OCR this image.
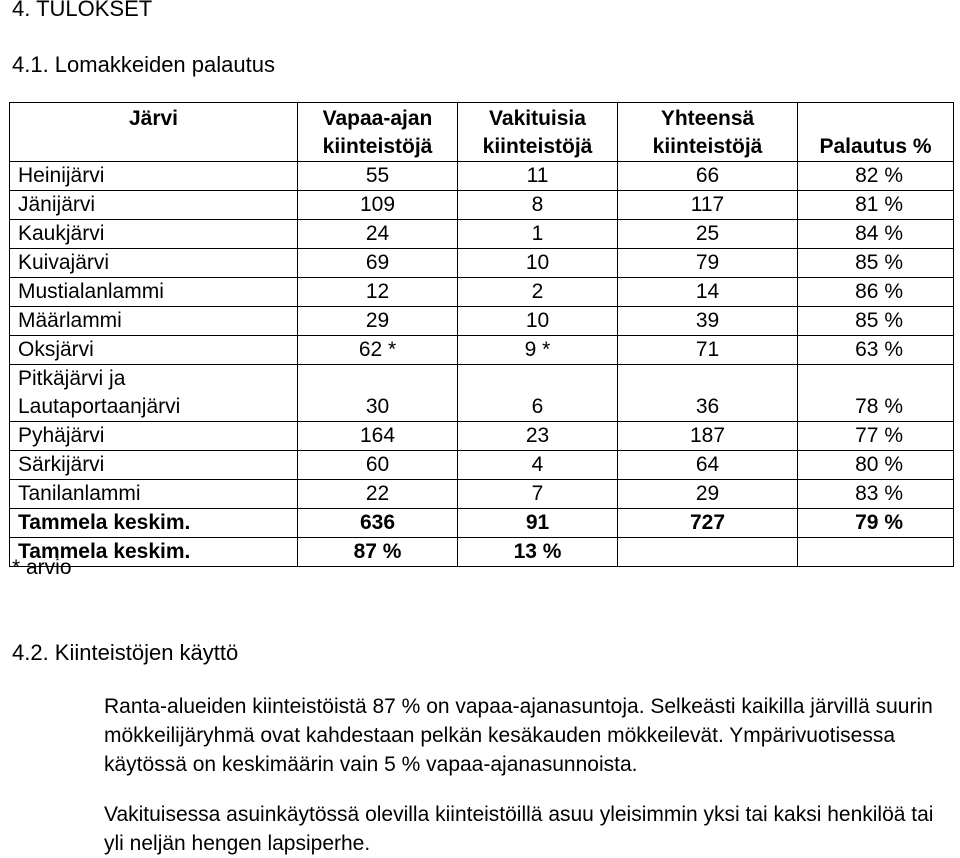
4. TULOKSET
4.1. Lomakkeiden palautus
Järvi	Vapaa-ajan kiinteistöjä	Vakituisia kiinteistöjä	Yhteensä kiinteistöjä	Palautus %
Heinijärvi	55	11	66	82 %
Jänijärvi	109	8	117	81 %
Kaukjärvi	24	1	25	84 %
Kuivajärvi	69	10	79	85 %
Mustialanlammi	12	2	14	86 %
Määrlammi	29	10	39	85 %
Oksjärvi	62 *	9 *	71	63 %
Pitkäjärvi ja Lautaportaanjärvi	30	6	36	78 %
Pyhäjärvi	164	23	187	77 %
Särkijärvi	60	4	64	80 %
Tanilanlammi	22	7	29	83 %
Tammela keskim.	636	91	727	79 %
Tammela keskim.	87 %	13 %		
* arvio
4.2. Kiinteistöjen käyttö
Ranta-alueiden kiinteistöistä 87 % on vapaa-ajanasuntoja. Selkeästi kaikilla järvillä suurin mökkeilijäryhmä ovat kahdestaan pelkän kesäkauden mökkeilevät. Ympärivuotisessa käytössä on keskimäärin vain 5 % vapaa-ajanasunnoista.
Vakituisessa asuinkäytössä olevilla kiinteistöillä asuu yleisimmin yksi tai kaksi henkilöä tai yli neljän hengen lapsiperhe.
